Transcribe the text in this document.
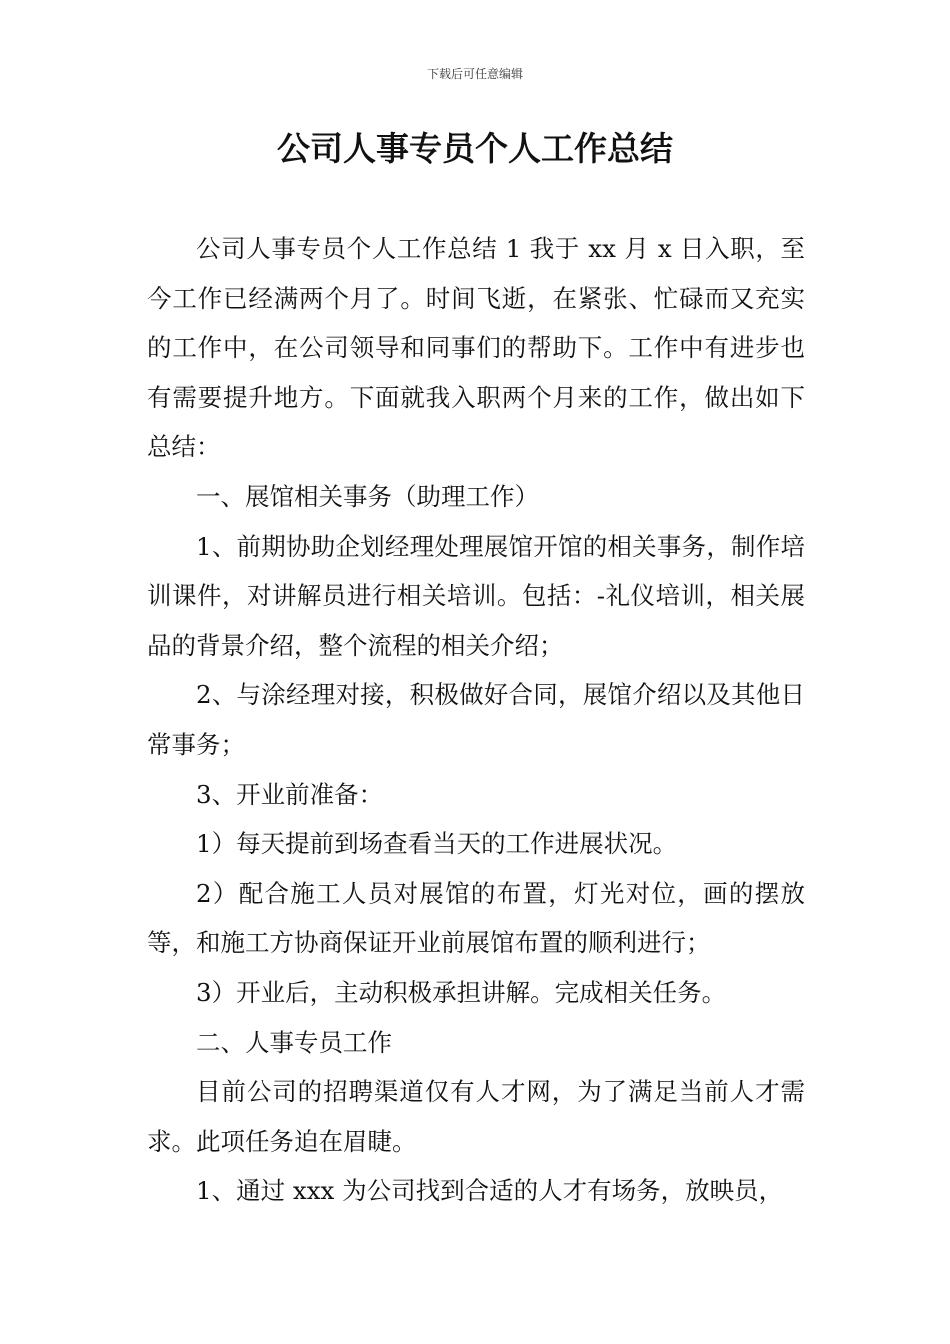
下载后可任意编辑
公司人事专员个人工作总结

公司人事专员个人工作总结 1 我于 xx 月 x 日入职，至今工作已经满两个月了。时间飞逝，在紧张、忙碌而又充实的工作中，在公司领导和同事们的帮助下。工作中有进步也有需要提升地方。下面就我入职两个月来的工作，做出如下总结：

一、展馆相关事务（助理工作）

1、前期协助企划经理处理展馆开馆的相关事务，制作培训课件，对讲解员进行相关培训。包括：-礼仪培训，相关展品的背景介绍，整个流程的相关介绍；

2、与涂经理对接，积极做好合同，展馆介绍以及其他日常事务；

3、开业前准备：

1）每天提前到场查看当天的工作进展状况。

2）配合施工人员对展馆的布置，灯光对位，画的摆放等，和施工方协商保证开业前展馆布置的顺利进行；

3）开业后，主动积极承担讲解。完成相关任务。

二、人事专员工作

目前公司的招聘渠道仅有人才网，为了满足当前人才需求。此项任务迫在眉睫。

1、通过 xxx 为公司找到合适的人才有场务，放映员，
